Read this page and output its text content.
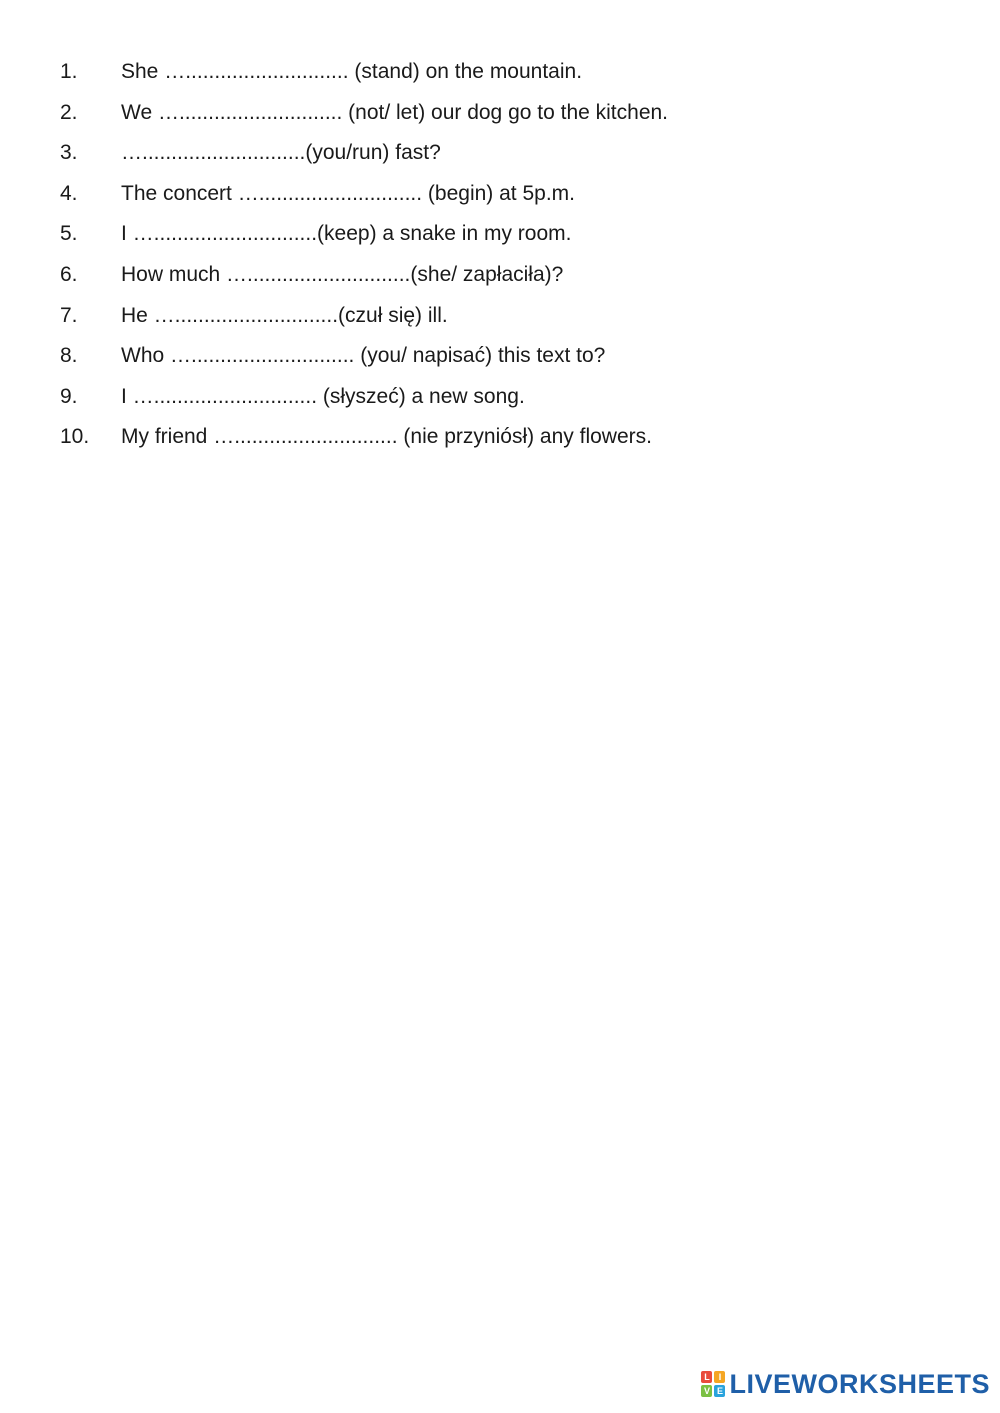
1. She …............................ (stand) on the mountain.
2. We …............................ (not/ let) our dog go to the kitchen.
3. …............................(you/run) fast?
4. The concert …............................ (begin) at 5p.m.
5. I …............................(keep) a snake in my room.
6. How much …............................(she/ zapłaciła)?
7. He …............................(czuł się) ill.
8. Who …............................ (you/ napisać) this text to?
9. I …............................ (słyszeć) a new song.
10. My friend …............................ (nie przyniósł) any flowers.
L I
V E LIVEWORKSHEETS
